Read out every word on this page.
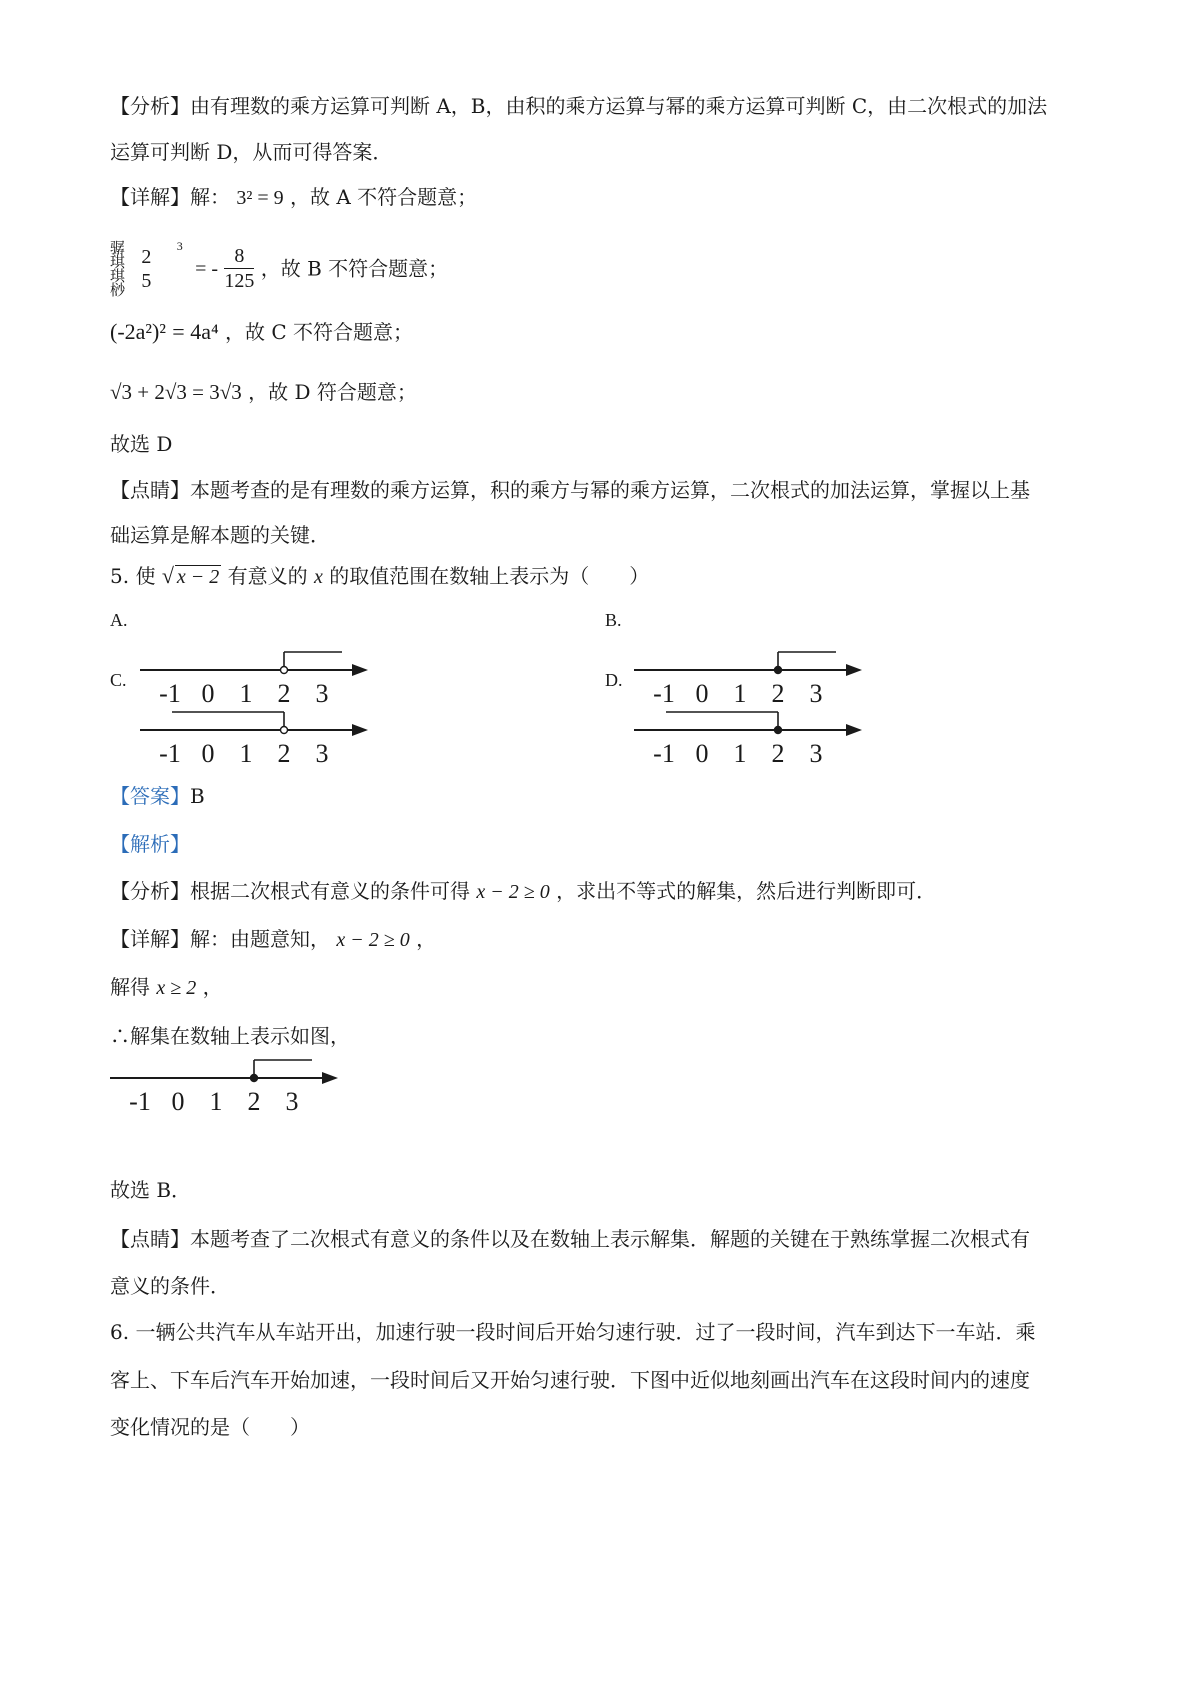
【分析】由有理数的乘方运算可判断 A，B，由积的乘方运算与幂的乘方运算可判断 C，由二次根式的加法
运算可判断 D，从而可得答案．
【详解】解： 3² = 9 ，故 A 不符合题意；
骣琪琪桫
2
5
$^3$ = - $\frac{8}{125}$ ，故 B 不符合题意；
(-2a²)² = 4a⁴ ，故 C 不符合题意；
√3 + 2√3 = 3√3 ，故 D 符合题意；
故选 D
【点睛】本题考查的是有理数的乘方运算，积的乘方与幂的乘方运算，二次根式的加法运算，掌握以上基
础运算是解本题的关键．
5. 使 √ x − 2 有意义的 x 的取值范围在数轴上表示为（　　）
A.	B.
C.	D.
-1 0 1 2 3	-1 0 1 2 3
-1 0 1 2 3	-1 0 1 2 3
【答案】B
【解析】
【分析】根据二次根式有意义的条件可得 x − 2 ≥ 0 ，求出不等式的解集，然后进行判断即可．
【详解】解：由题意知， x − 2 ≥ 0 ，
解得 x ≥ 2 ，
∴解集在数轴上表示如图，
-1 0 1 2 3
故选 B．
【点睛】本题考查了二次根式有意义的条件以及在数轴上表示解集．解题的关键在于熟练掌握二次根式有
意义的条件．
6. 一辆公共汽车从车站开出，加速行驶一段时间后开始匀速行驶．过了一段时间，汽车到达下一车站．乘
客上、下车后汽车开始加速，一段时间后又开始匀速行驶．下图中近似地刻画出汽车在这段时间内的速度
变化情况的是（　　）
